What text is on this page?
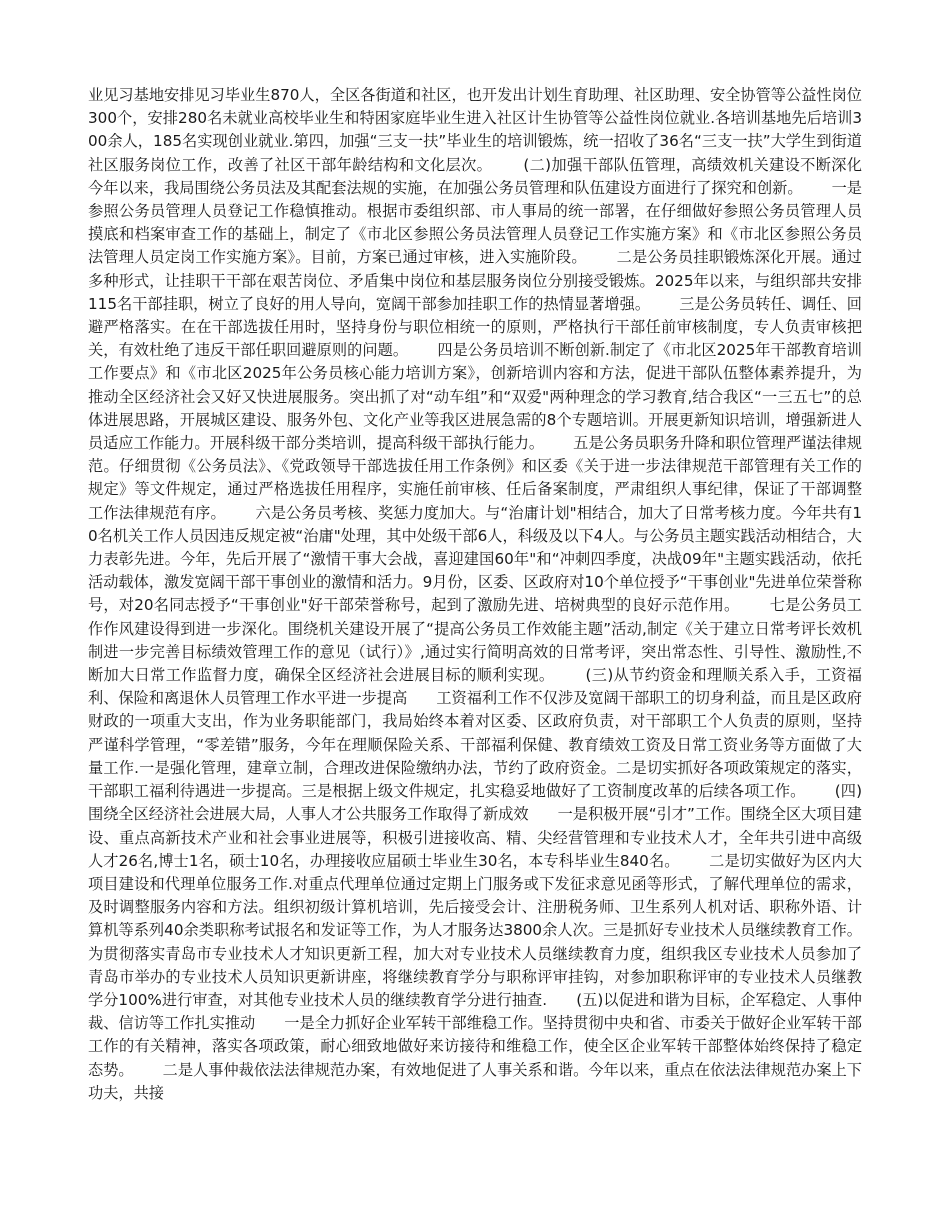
业见习基地安排见习毕业生870人，全区各街道和社区，也开发出计划生育助理、社区助理、安全协管等公益性岗位300个，安排280名未就业高校毕业生和特困家庭毕业生进入社区计生协管等公益性岗位就业.各培训基地先后培训300余人，185名实现创业就业.第四，加强“三支一扶”毕业生的培训锻炼，统一招收了36名“三支一扶”大学生到街道社区服务岗位工作，改善了社区干部年龄结构和文化层次。      (二)加强干部队伍管理，高绩效机关建设不断深化      今年以来，我局围绕公务员法及其配套法规的实施，在加强公务员管理和队伍建设方面进行了探究和创新。      一是参照公务员管理人员登记工作稳慎推动。根据市委组织部、市人事局的统一部署，在仔细做好参照公务员管理人员摸底和档案审查工作的基础上，制定了《市北区参照公务员法管理人员登记工作实施方案》和《市北区参照公务员法管理人员定岗工作实施方案》。目前，方案已通过审核，进入实施阶段。      二是公务员挂职锻炼深化开展。通过多种形式，让挂职干干部在艰苦岗位、矛盾集中岗位和基层服务岗位分别接受锻炼。2025年以来，与组织部共安排115名干部挂职，树立了良好的用人导向，宽阔干部参加挂职工作的热情显著增强。      三是公务员转任、调任、回避严格落实。在在干部选拔任用时，坚持身份与职位相统一的原则，严格执行干部任前审核制度，专人负责审核把关，有效杜绝了违反干部任职回避原则的问题。      四是公务员培训不断创新.制定了《市北区2025年干部教育培训工作要点》和《市北区2025年公务员核心能力培训方案》，创新培训内容和方法，促进干部队伍整体素养提升，为推动全区经济社会又好又快进展服务。突出抓了对“动车组”和“双爱"两种理念的学习教育,结合我区“一三五七”的总体进展思路，开展城区建设、服务外包、文化产业等我区进展急需的8个专题培训。开展更新知识培训，增强新进人员适应工作能力。开展科级干部分类培训，提高科级干部执行能力。      五是公务员职务升降和职位管理严谨法律规范。仔细贯彻《公务员法》、《党政领导干部选拔任用工作条例》和区委《关于进一步法律规范干部管理有关工作的规定》等文件规定，通过严格选拔任用程序，实施任前审核、任后备案制度，严肃组织人事纪律，保证了干部调整工作法律规范有序。      六是公务员考核、奖惩力度加大。与“治庸计划"相结合，加大了日常考核力度。今年共有10名机关工作人员因违反规定被“治庸"处理，其中处级干部6人，科级及以下4人。与公务员主题实践活动相结合，大力表彰先进。今年，先后开展了“激情干事大会战，喜迎建国60年"和“冲刺四季度，决战09年"主题实践活动，依托活动载体，激发宽阔干部干事创业的激情和活力。9月份，区委、区政府对10个单位授予“干事创业"先进单位荣誉称号，对20名同志授予“干事创业"好干部荣誉称号，起到了激励先进、培树典型的良好示范作用。      七是公务员工作作风建设得到进一步深化。围绕机关建设开展了“提高公务员工作效能主题”活动,制定《关于建立日常考评长效机制进一步完善目标绩效管理工作的意见（试行）》,通过实行简明高效的日常考评，突出常态性、引导性、激励性,不断加大日常工作监督力度，确保全区经济社会进展目标的顺利实现。      (三)从节约资金和理顺关系入手，工资福利、保险和离退休人员管理工作水平进一步提高      工资福利工作不仅涉及宽阔干部职工的切身利益，而且是区政府财政的一项重大支出，作为业务职能部门，我局始终本着对区委、区政府负责，对干部职工个人负责的原则，坚持严谨科学管理，“零差错”服务，今年在理顺保险关系、干部福利保健、教育绩效工资及日常工资业务等方面做了大量工作.一是强化管理，建章立制，合理改进保险缴纳办法，节约了政府资金。二是切实抓好各项政策规定的落实，干部职工福利待遇进一步提高。三是根据上级文件规定，扎实稳妥地做好了工资制度改革的后续各项工作。      (四)围绕全区经济社会进展大局，人事人才公共服务工作取得了新成效      一是积极开展“引才”工作。围绕全区大项目建设、重点高新技术产业和社会事业进展等，积极引进接收高、精、尖经营管理和专业技术人才，全年共引进中高级人才26名,博士1名，硕士10名，办理接收应届硕士毕业生30名，本专科毕业生840名。      二是切实做好为区内大项目建设和代理单位服务工作.对重点代理单位通过定期上门服务或下发征求意见函等形式，了解代理单位的需求，及时调整服务内容和方法。组织初级计算机培训，先后接受会计、注册税务师、卫生系列人机对话、职称外语、计算机等系列40余类职称考试报名和发证等工作，为人才服务达3800余人次。三是抓好专业技术人员继续教育工作。为贯彻落实青岛市专业技术人才知识更新工程，加大对专业技术人员继续教育力度，组织我区专业技术人员参加了青岛市举办的专业技术人员知识更新讲座，将继续教育学分与职称评审挂钩，对参加职称评审的专业技术人员继教学分100%进行审查，对其他专业技术人员的继续教育学分进行抽查.      (五)以促进和谐为目标，企军稳定、人事仲裁、信访等工作扎实推动      一是全力抓好企业军转干部维稳工作。坚持贯彻中央和省、市委关于做好企业军转干部工作的有关精神，落实各项政策，耐心细致地做好来访接待和维稳工作，使全区企业军转干部整体始终保持了稳定态势。      二是人事仲裁依法法律规范办案，有效地促进了人事关系和谐。今年以来，重点在依法法律规范办案上下功夫，共接
